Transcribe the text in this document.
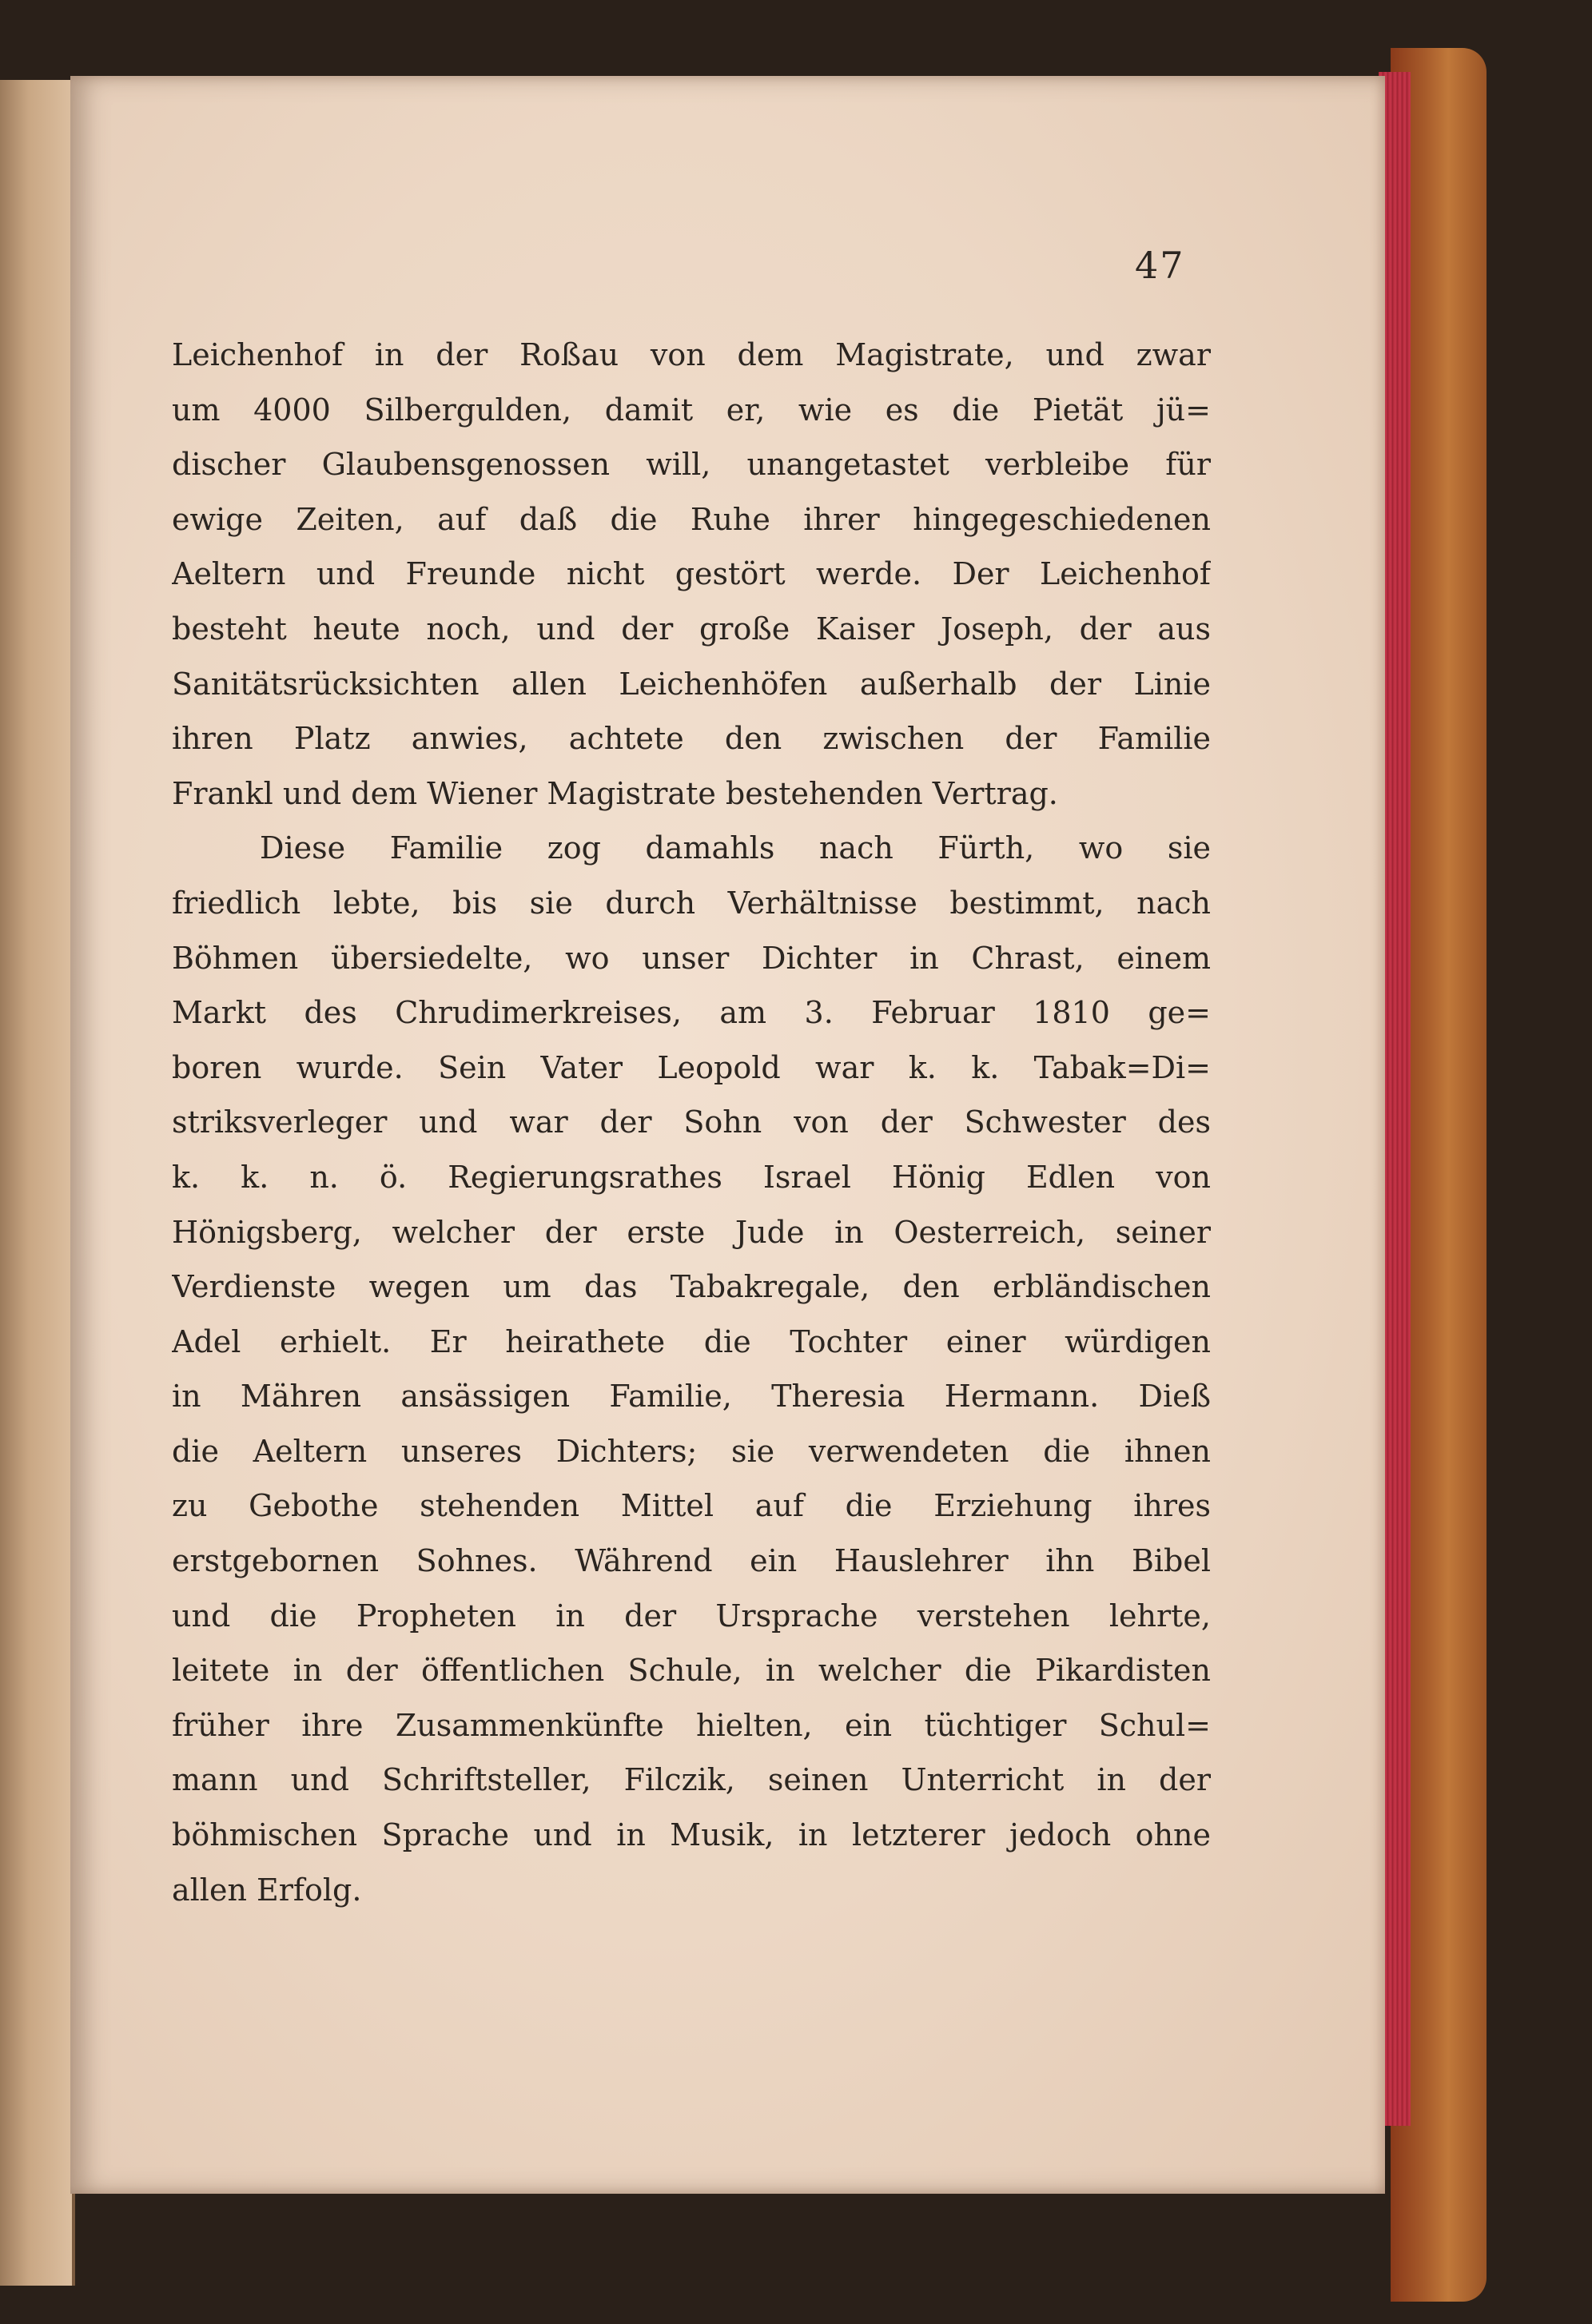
47
Leichenhof in der Roßau von dem Magistrate, und zwar
um 4000 Silbergulden, damit er, wie es die Pietät jü=
discher Glaubensgenossen will, unangetastet verbleibe für
ewige Zeiten, auf daß die Ruhe ihrer hingegeschiedenen
Aeltern und Freunde nicht gestört werde. Der Leichenhof
besteht heute noch, und der große Kaiser Joseph, der aus
Sanitätsrücksichten allen Leichenhöfen außerhalb der Linie
ihren Platz anwies, achtete den zwischen der Familie
Frankl und dem Wiener Magistrate bestehenden Vertrag.
Diese Familie zog damahls nach Fürth, wo sie
friedlich lebte, bis sie durch Verhältnisse bestimmt, nach
Böhmen übersiedelte, wo unser Dichter in Chrast, einem
Markt des Chrudimerkreises, am 3. Februar 1810 ge=
boren wurde. Sein Vater Leopold war k. k. Tabak=Di=
striksverleger und war der Sohn von der Schwester des
k. k. n. ö. Regierungsrathes Israel Hönig Edlen von
Hönigsberg, welcher der erste Jude in Oesterreich, seiner
Verdienste wegen um das Tabakregale, den erbländischen
Adel erhielt. Er heirathete die Tochter einer würdigen
in Mähren ansässigen Familie, Theresia Hermann. Dieß
die Aeltern unseres Dichters; sie verwendeten die ihnen
zu Gebothe stehenden Mittel auf die Erziehung ihres
erstgebornen Sohnes. Während ein Hauslehrer ihn Bibel
und die Propheten in der Ursprache verstehen lehrte,
leitete in der öffentlichen Schule, in welcher die Pikardisten
früher ihre Zusammenkünfte hielten, ein tüchtiger Schul=
mann und Schriftsteller, Filczik, seinen Unterricht in der
böhmischen Sprache und in Musik, in letzterer jedoch ohne
allen Erfolg.
